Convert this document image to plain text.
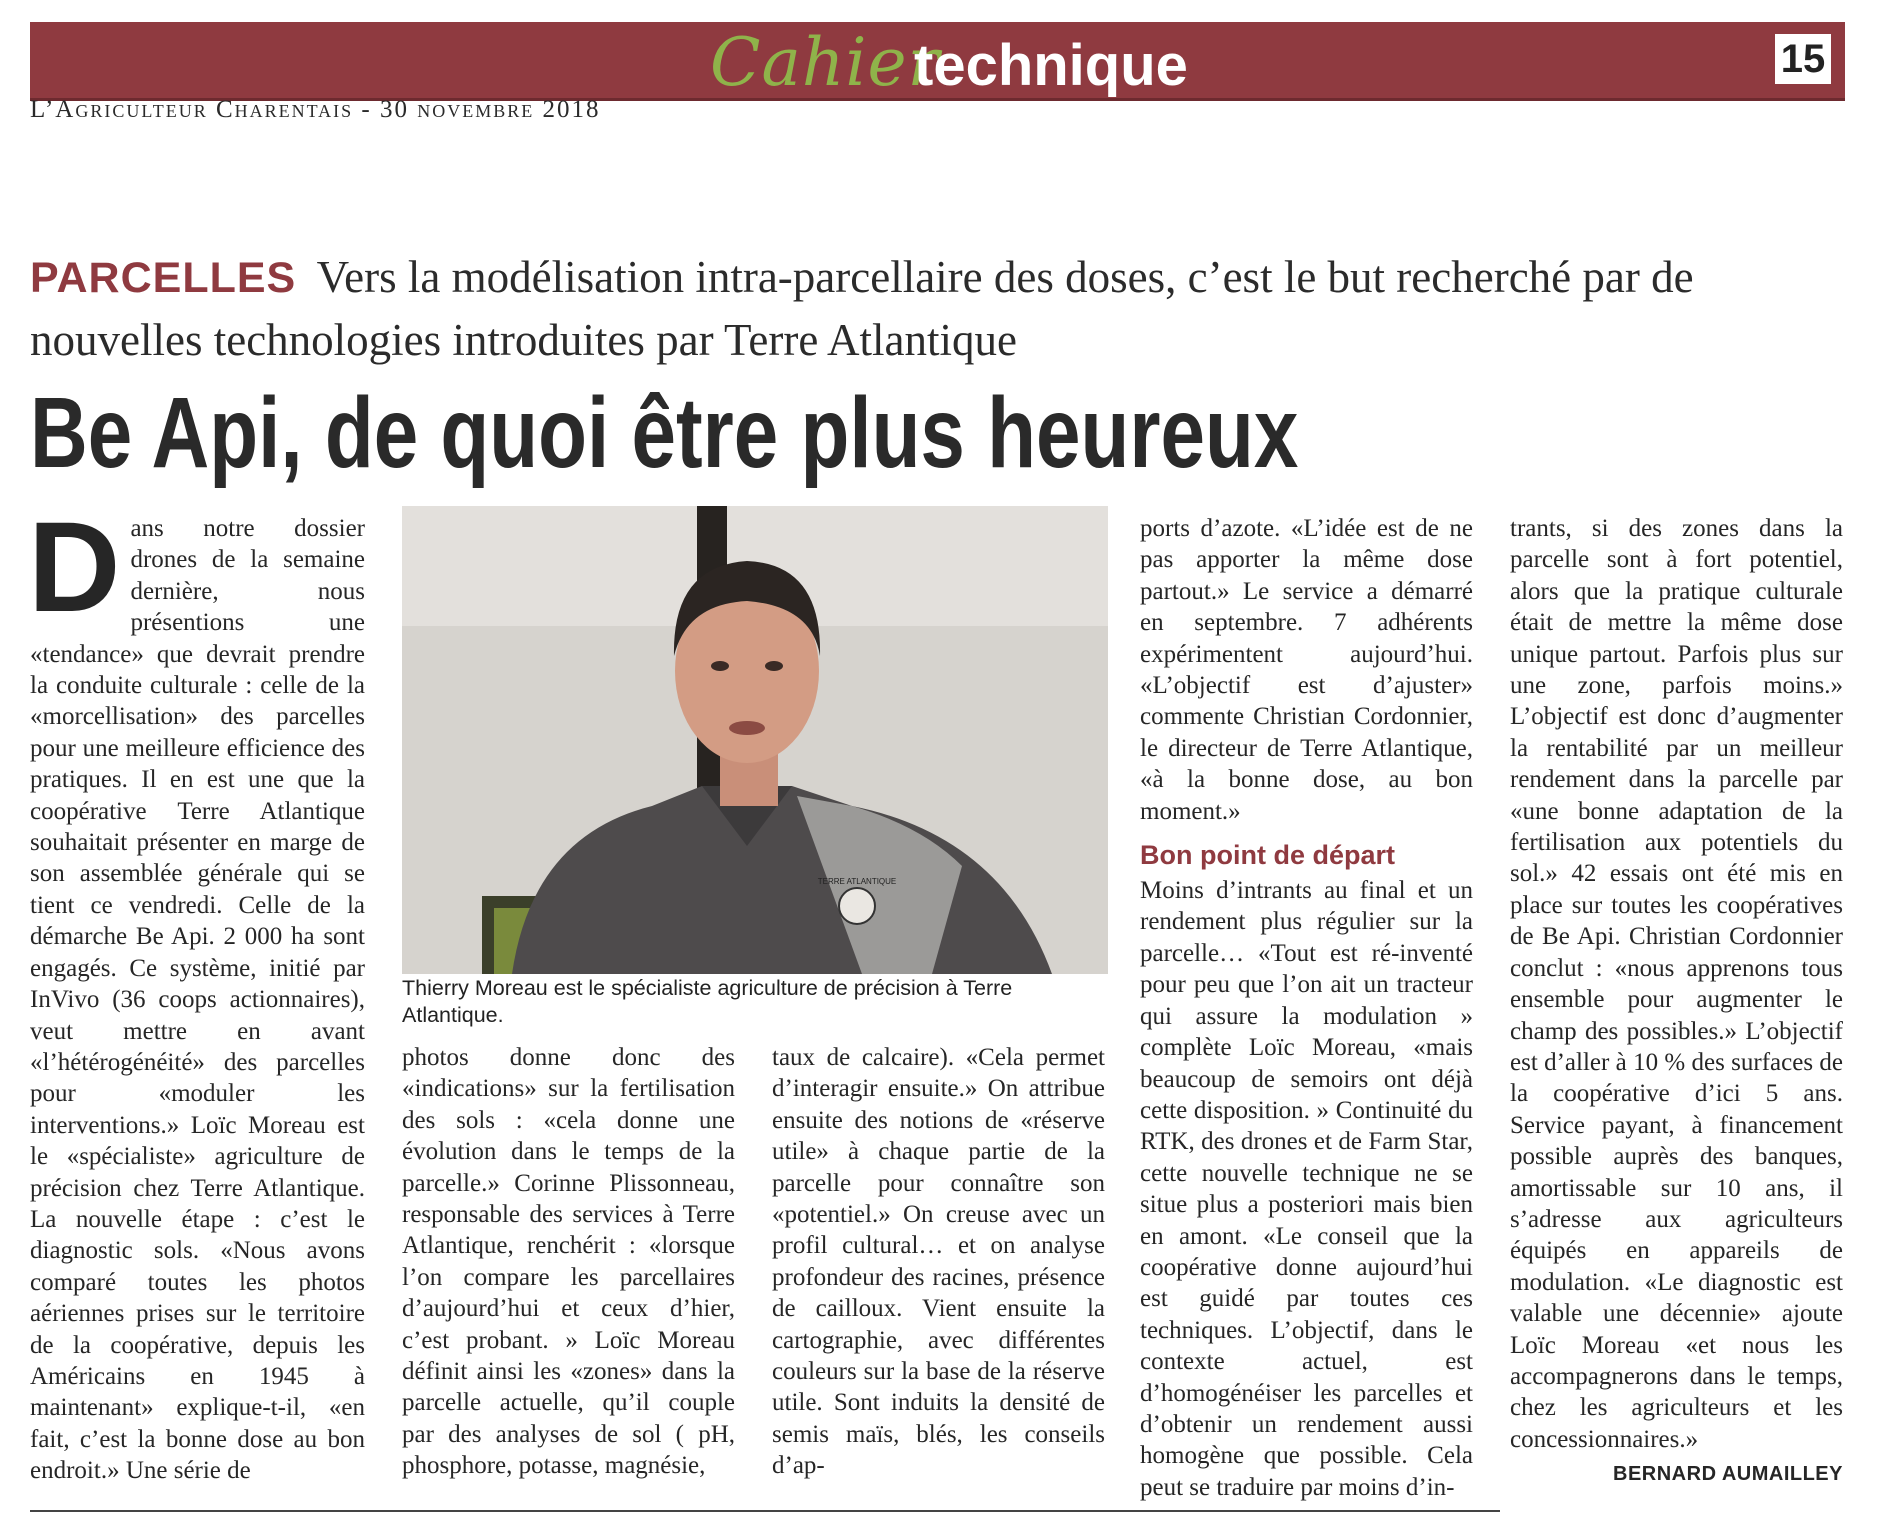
Cahier
technique	15
L’Agriculteur Charentais - 30 novembre 2018
PARCELLES Vers la modélisation intra-parcellaire des doses, c’est le but recherché par de nouvelles technologies introduites par Terre Atlantique
Be Api, de quoi être plus heureux
D ans notre dossier drones de la semaine dernière, nous présentions une «tendance» que devrait prendre la conduite culturale : celle de la «morcellisation» des parcelles pour une meilleure efficience des pratiques. Il en est une que la coopérative Terre Atlantique souhaitait présenter en marge de son assemblée générale qui se tient ce vendredi. Celle de la démarche Be Api. 2 000 ha sont engagés. Ce système, initié par InVivo (36 coops actionnaires), veut mettre en avant «l’hétérogénéité» des parcelles pour «moduler les interventions.» Loïc Moreau est le «spécialiste» agriculture de précision chez Terre Atlantique. La nouvelle étape : c’est le diagnostic sols. «Nous avons comparé toutes les photos aériennes prises sur le territoire de la coopérative, depuis les Américains en 1945 à maintenant» explique-t-il, «en fait, c’est la bonne dose au bon endroit.» Une série de

TERRE ATLANTIQUE
Thierry Moreau est le spécialiste agriculture de précision à Terre Atlantique.

photos donne donc des «indications» sur la fertilisation des sols : «cela donne une évolution dans le temps de la parcelle.» Corinne Plissonneau, responsable des services à Terre Atlantique, renchérit : «lorsque l’on compare les parcellaires d’aujourd’hui et ceux d’hier, c’est probant. » Loïc Moreau définit ainsi les «zones» dans la parcelle actuelle, qu’il couple par des analyses de sol ( pH, phosphore, potasse, magnésie,

taux de calcaire). «Cela permet d’interagir ensuite.» On attribue ensuite des notions de «réserve utile» à chaque partie de la parcelle pour connaître son «potentiel.» On creuse avec un profil cultural… et on analyse profondeur des racines, présence de cailloux. Vient ensuite la cartographie, avec différentes couleurs sur la base de la réserve utile. Sont induits la densité de semis maïs, blés, les conseils d’ap-

ports d’azote. «L’idée est de ne pas apporter la même dose partout.» Le service a démarré en septembre. 7 adhérents expérimentent aujourd’hui. «L’objectif est d’ajuster» commente Christian Cordonnier, le directeur de Terre Atlantique, «à la bonne dose, au bon moment.»

Bon point de départ

Moins d’intrants au final et un rendement plus régulier sur la parcelle… «Tout est ré-inventé pour peu que l’on ait un tracteur qui assure la modulation » complète Loïc Moreau, «mais beaucoup de semoirs ont déjà cette disposition. » Continuité du RTK, des drones et de Farm Star, cette nouvelle technique ne se situe plus a posteriori mais bien en amont. «Le conseil que la coopérative donne aujourd’hui est guidé par toutes ces techniques. L’objectif, dans le contexte actuel, est d’homogénéiser les parcelles et d’obtenir un rendement aussi homogène que possible. Cela peut se traduire par moins d’in-

trants, si des zones dans la parcelle sont à fort potentiel, alors que la pratique culturale était de mettre la même dose unique partout. Parfois plus sur une zone, parfois moins.» L’objectif est donc d’augmenter la rentabilité par un meilleur rendement dans la parcelle par «une bonne adaptation de la fertilisation aux potentiels du sol.» 42 essais ont été mis en place sur toutes les coopératives de Be Api. Christian Cordonnier conclut : «nous apprenons tous ensemble pour augmenter le champ des possibles.» L’objectif est d’aller à 10 % des surfaces de la coopérative d’ici 5 ans. Service payant, à financement possible auprès des banques, amortissable sur 10 ans, il s’adresse aux agriculteurs équipés en appareils de modulation. «Le diagnostic est valable une décennie» ajoute Loïc Moreau «et nous les accompagnerons dans le temps, chez les agriculteurs et les concessionnaires.»

BERNARD AUMAILLEY
